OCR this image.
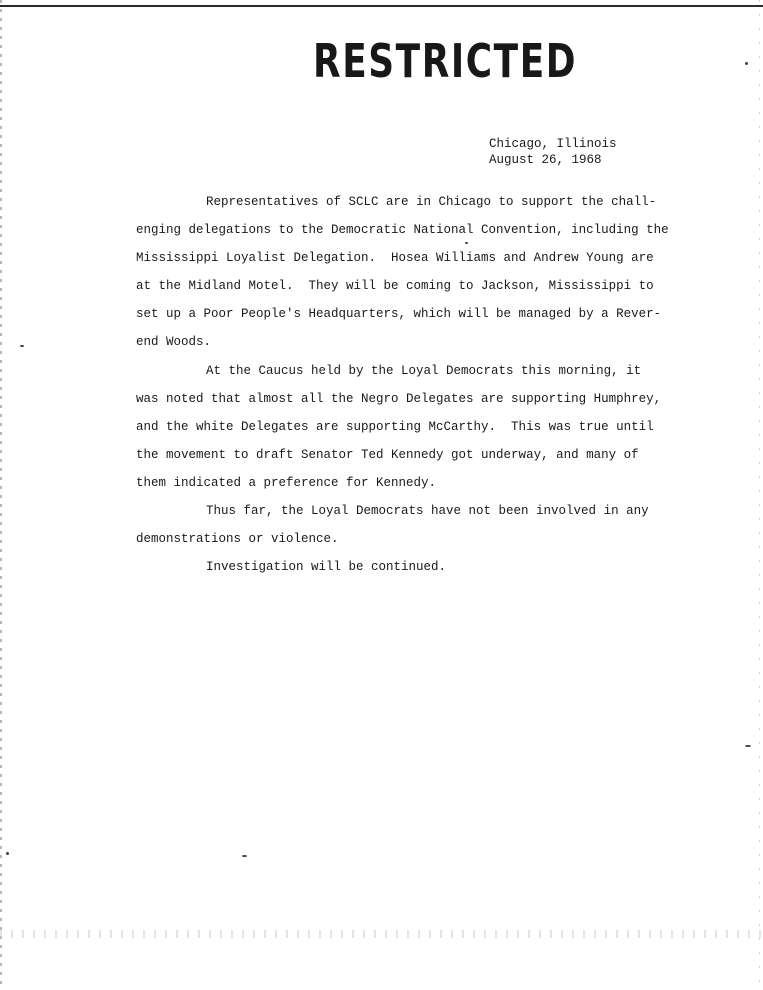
RESTRICTED
Chicago, Illinois
August 26, 1968
Representatives of SCLC are in Chicago to support the chall-
enging delegations to the Democratic National Convention, including the
Mississippi Loyalist Delegation.  Hosea Williams and Andrew Young are
at the Midland Motel.  They will be coming to Jackson, Mississippi to
set up a Poor People's Headquarters, which will be managed by a Rever-
end Woods.
At the Caucus held by the Loyal Democrats this morning, it
was noted that almost all the Negro Delegates are supporting Humphrey,
and the white Delegates are supporting McCarthy.  This was true until
the movement to draft Senator Ted Kennedy got underway, and many of
them indicated a preference for Kennedy.
Thus far, the Loyal Democrats have not been involved in any
demonstrations or violence.
Investigation will be continued.
